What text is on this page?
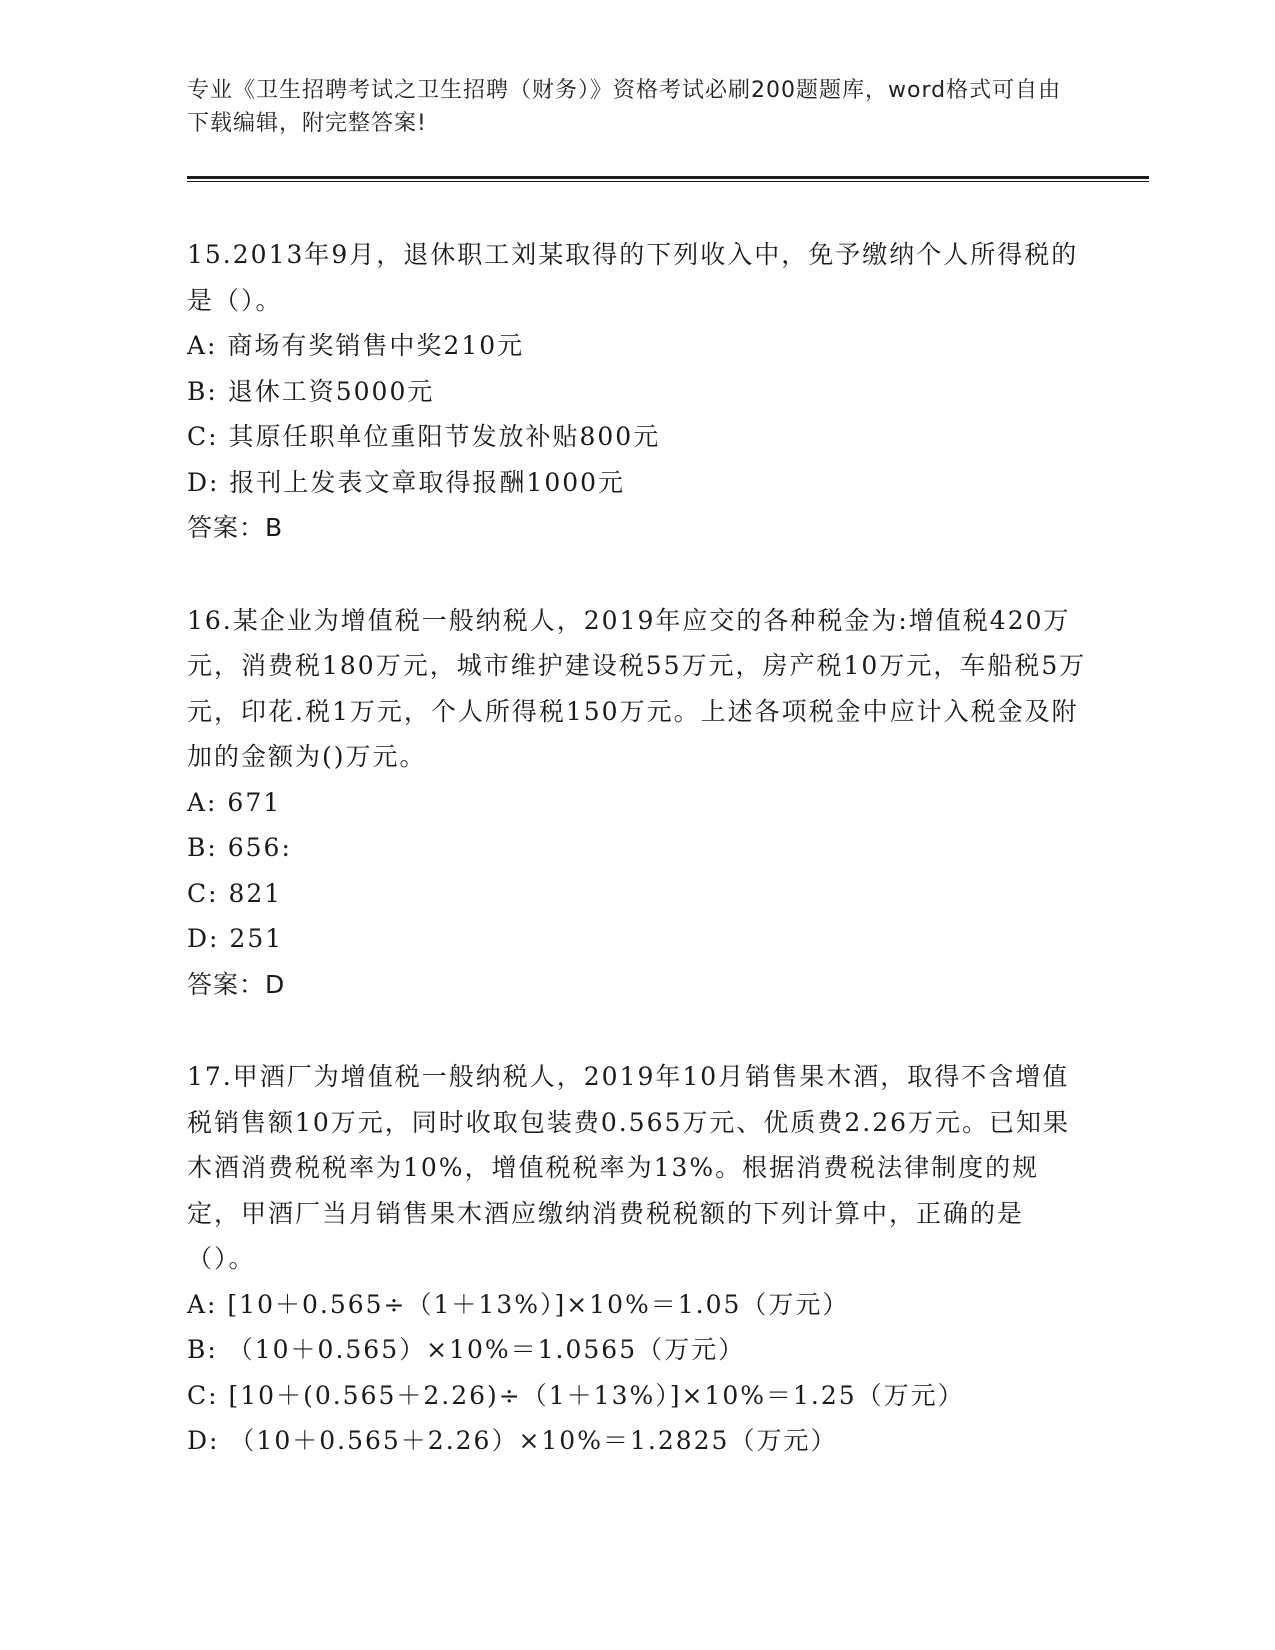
专业《卫生招聘考试之卫生招聘（财务）》资格考试必刷200题题库，word格式可自由下载编辑，附完整答案!

15.2013年9月，退休职工刘某取得的下列收入中，免予缴纳个人所得税的是（）。

A: 商场有奖销售中奖210元

B: 退休工资5000元

C: 其原任职单位重阳节发放补贴800元

D: 报刊上发表文章取得报酬1000元

答案：B

16.某企业为增值税一般纳税人，2019年应交的各种税金为:增值税420万元，消费税180万元，城市维护建设税55万元，房产税10万元，车船税5万元，印花.税1万元，个人所得税150万元。上述各项税金中应计入税金及附加的金额为()万元。

A: 671

B: 656:

C: 821

D: 251

答案：D

17.甲酒厂为增值税一般纳税人，2019年10月销售果木酒，取得不含增值税销售额10万元，同时收取包装费0.565万元、优质费2.26万元。已知果木酒消费税税率为10%，增值税税率为13%。根据消费税法律制度的规定，甲酒厂当月销售果木酒应缴纳消费税税额的下列计算中，正确的是（）。

A: [10＋0.565÷（1＋13%）]×10%＝1.05（万元）

B: （10＋0.565）×10%＝1.0565（万元）

C: [10＋(0.565＋2.26)÷（1＋13%）]×10%＝1.25（万元）

D: （10＋0.565＋2.26）×10%＝1.2825（万元）
